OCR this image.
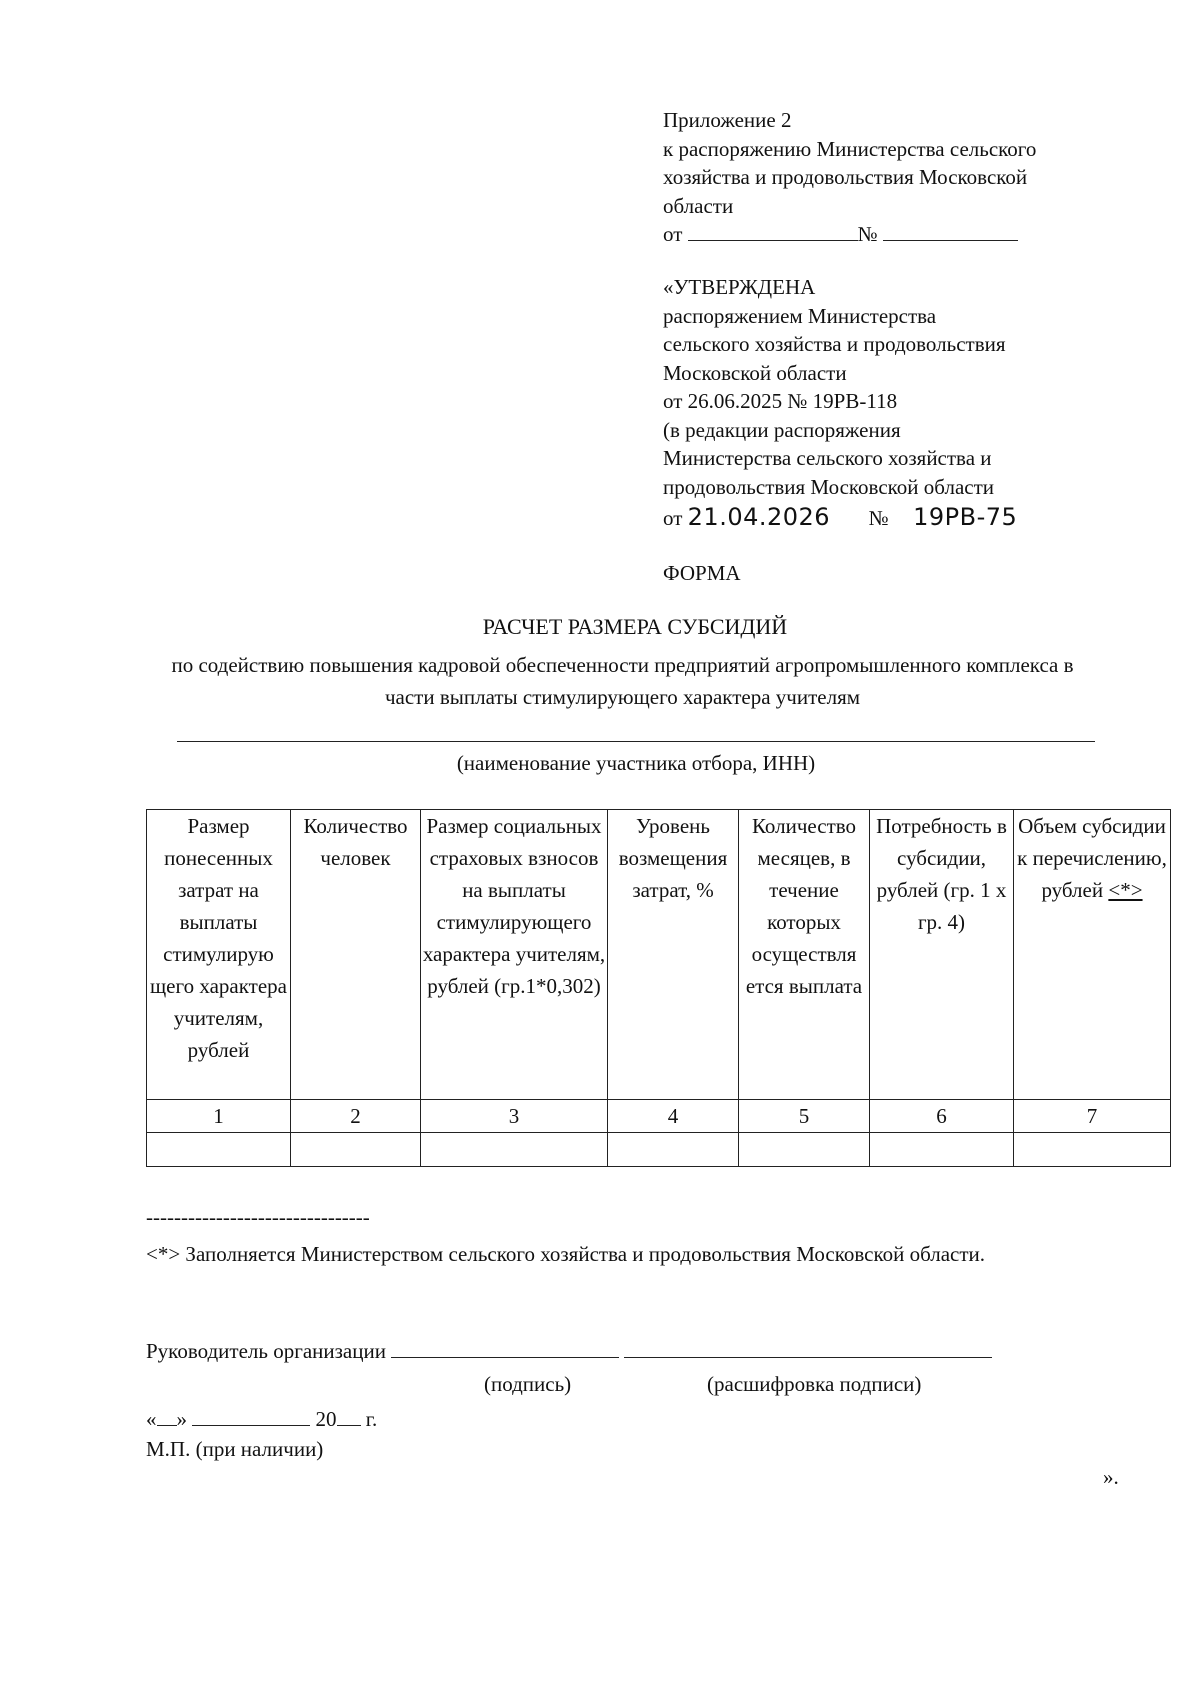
Приложение 2
к распоряжению Министерства сельского
хозяйства и продовольствия Московской
области
от	№
«УТВЕРЖДЕНА
распоряжением Министерства
сельского хозяйства и продовольствия
Московской области
от 26.06.2025 № 19РВ-118
(в редакции распоряжения
Министерства сельского хозяйства и
продовольствия Московской области
от 21.04.2026 № 19РВ-75
ФОРМА
РАСЧЕТ РАЗМЕРА СУБСИДИЙ
по содействию повышения кадровой обеспеченности предприятий агропромышленного комплекса в части выплаты стимулирующего характера учителям
(наименование участника отбора, ИНН)
Размер понесенных затрат на выплаты стимулирую щего характера учителям, рублей	Количество человек	Размер социальных страховых взносов на выплаты стимулирующего характера учителям, рублей (гр.1*0,302)	Уровень возмещения затрат, %	Количество месяцев, в течение которых осуществля ется выплата	Потребность в субсидии, рублей (гр. 1 х гр. 4)	Объем субсидии к перечислению, рублей <*>
1	2	3	4	5	6	7

--------------------------------
<*> Заполняется Министерством сельского хозяйства и продовольствия Московской области.
Руководитель организации
(подпись)	(расшифровка подписи)
« »	20 г.
М.П. (при наличии)
».
